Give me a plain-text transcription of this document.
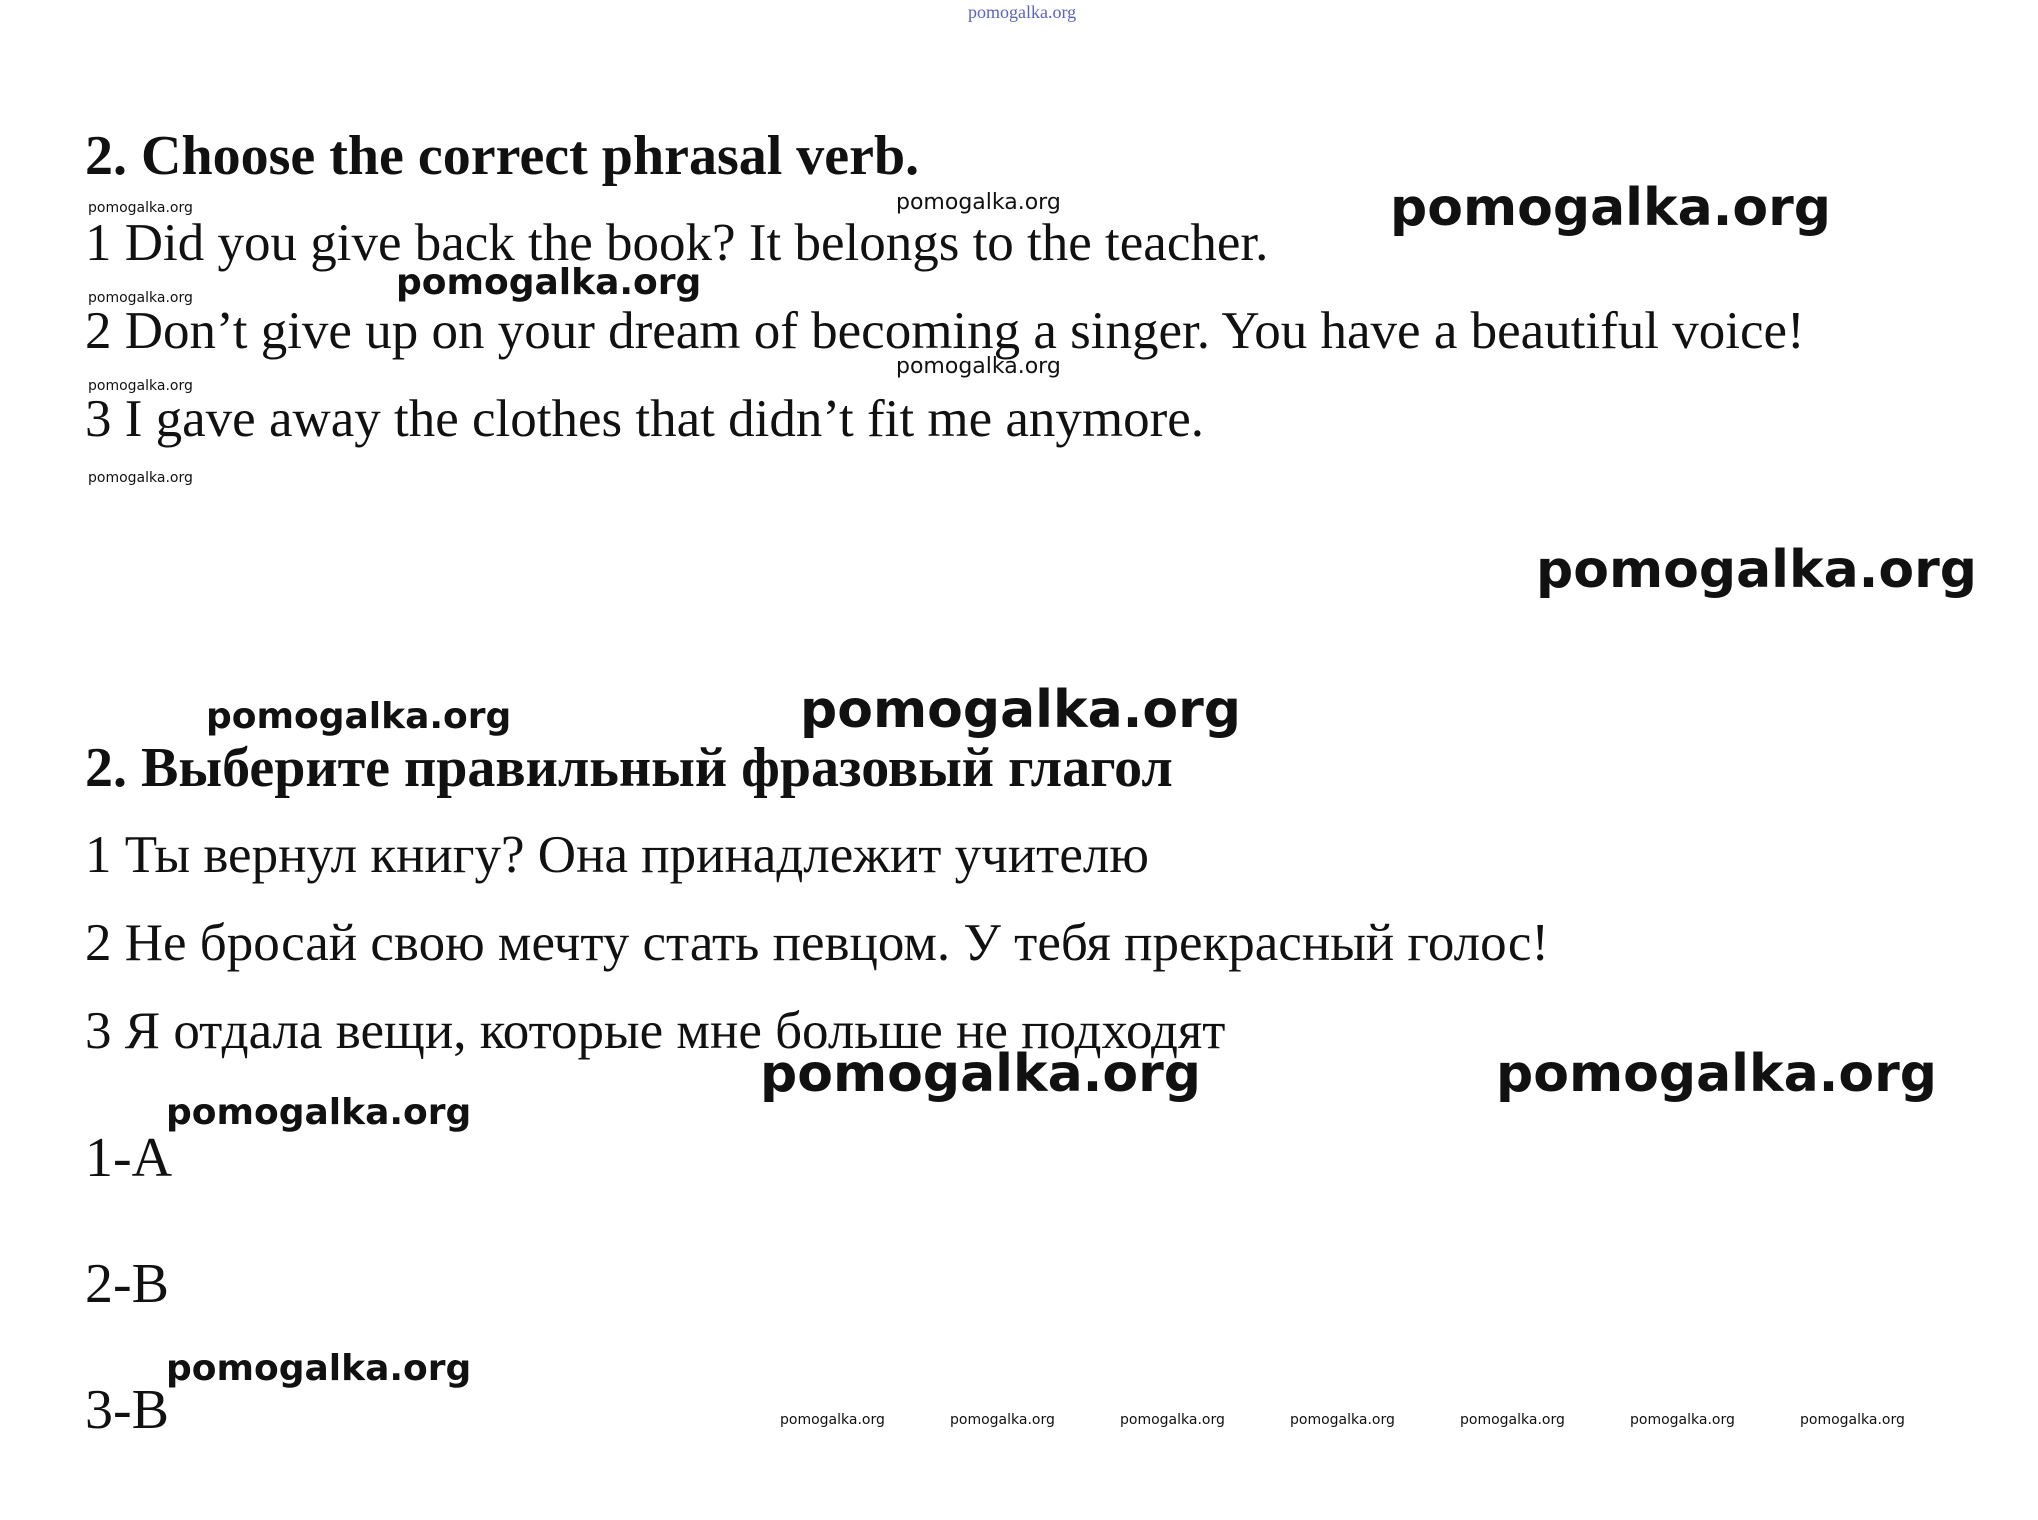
2. Choose the correct phrasal verb.

1 Did you give back the book? It belongs to the teacher.

2 Don’t give up on your dream of becoming a singer. You have a beautiful voice!

3 I gave away the clothes that didn’t fit me anymore.

2. Выберите правильный фразовый глагол

1 Ты вернул книгу? Она принадлежит учителю

2 Не бросай свою мечту стать певцом. У тебя прекрасный голос!

3 Я отдала вещи, которые мне больше не подходят

1-A

2-B

3-B

pomogalka.org
pomogalka.org
pomogalka.org
pomogalka.org
pomogalka.org
pomogalka.org
pomogalka.org
pomogalka.org
pomogalka.org
pomogalka.org
pomogalka.org
pomogalka.org
pomogalka.org
pomogalka.org
pomogalka.org	pomogalka.org
pomogalka.org	pomogalka.org	pomogalka.org	pomogalka.org	pomogalka.org	pomogalka.org	pomogalka.org
